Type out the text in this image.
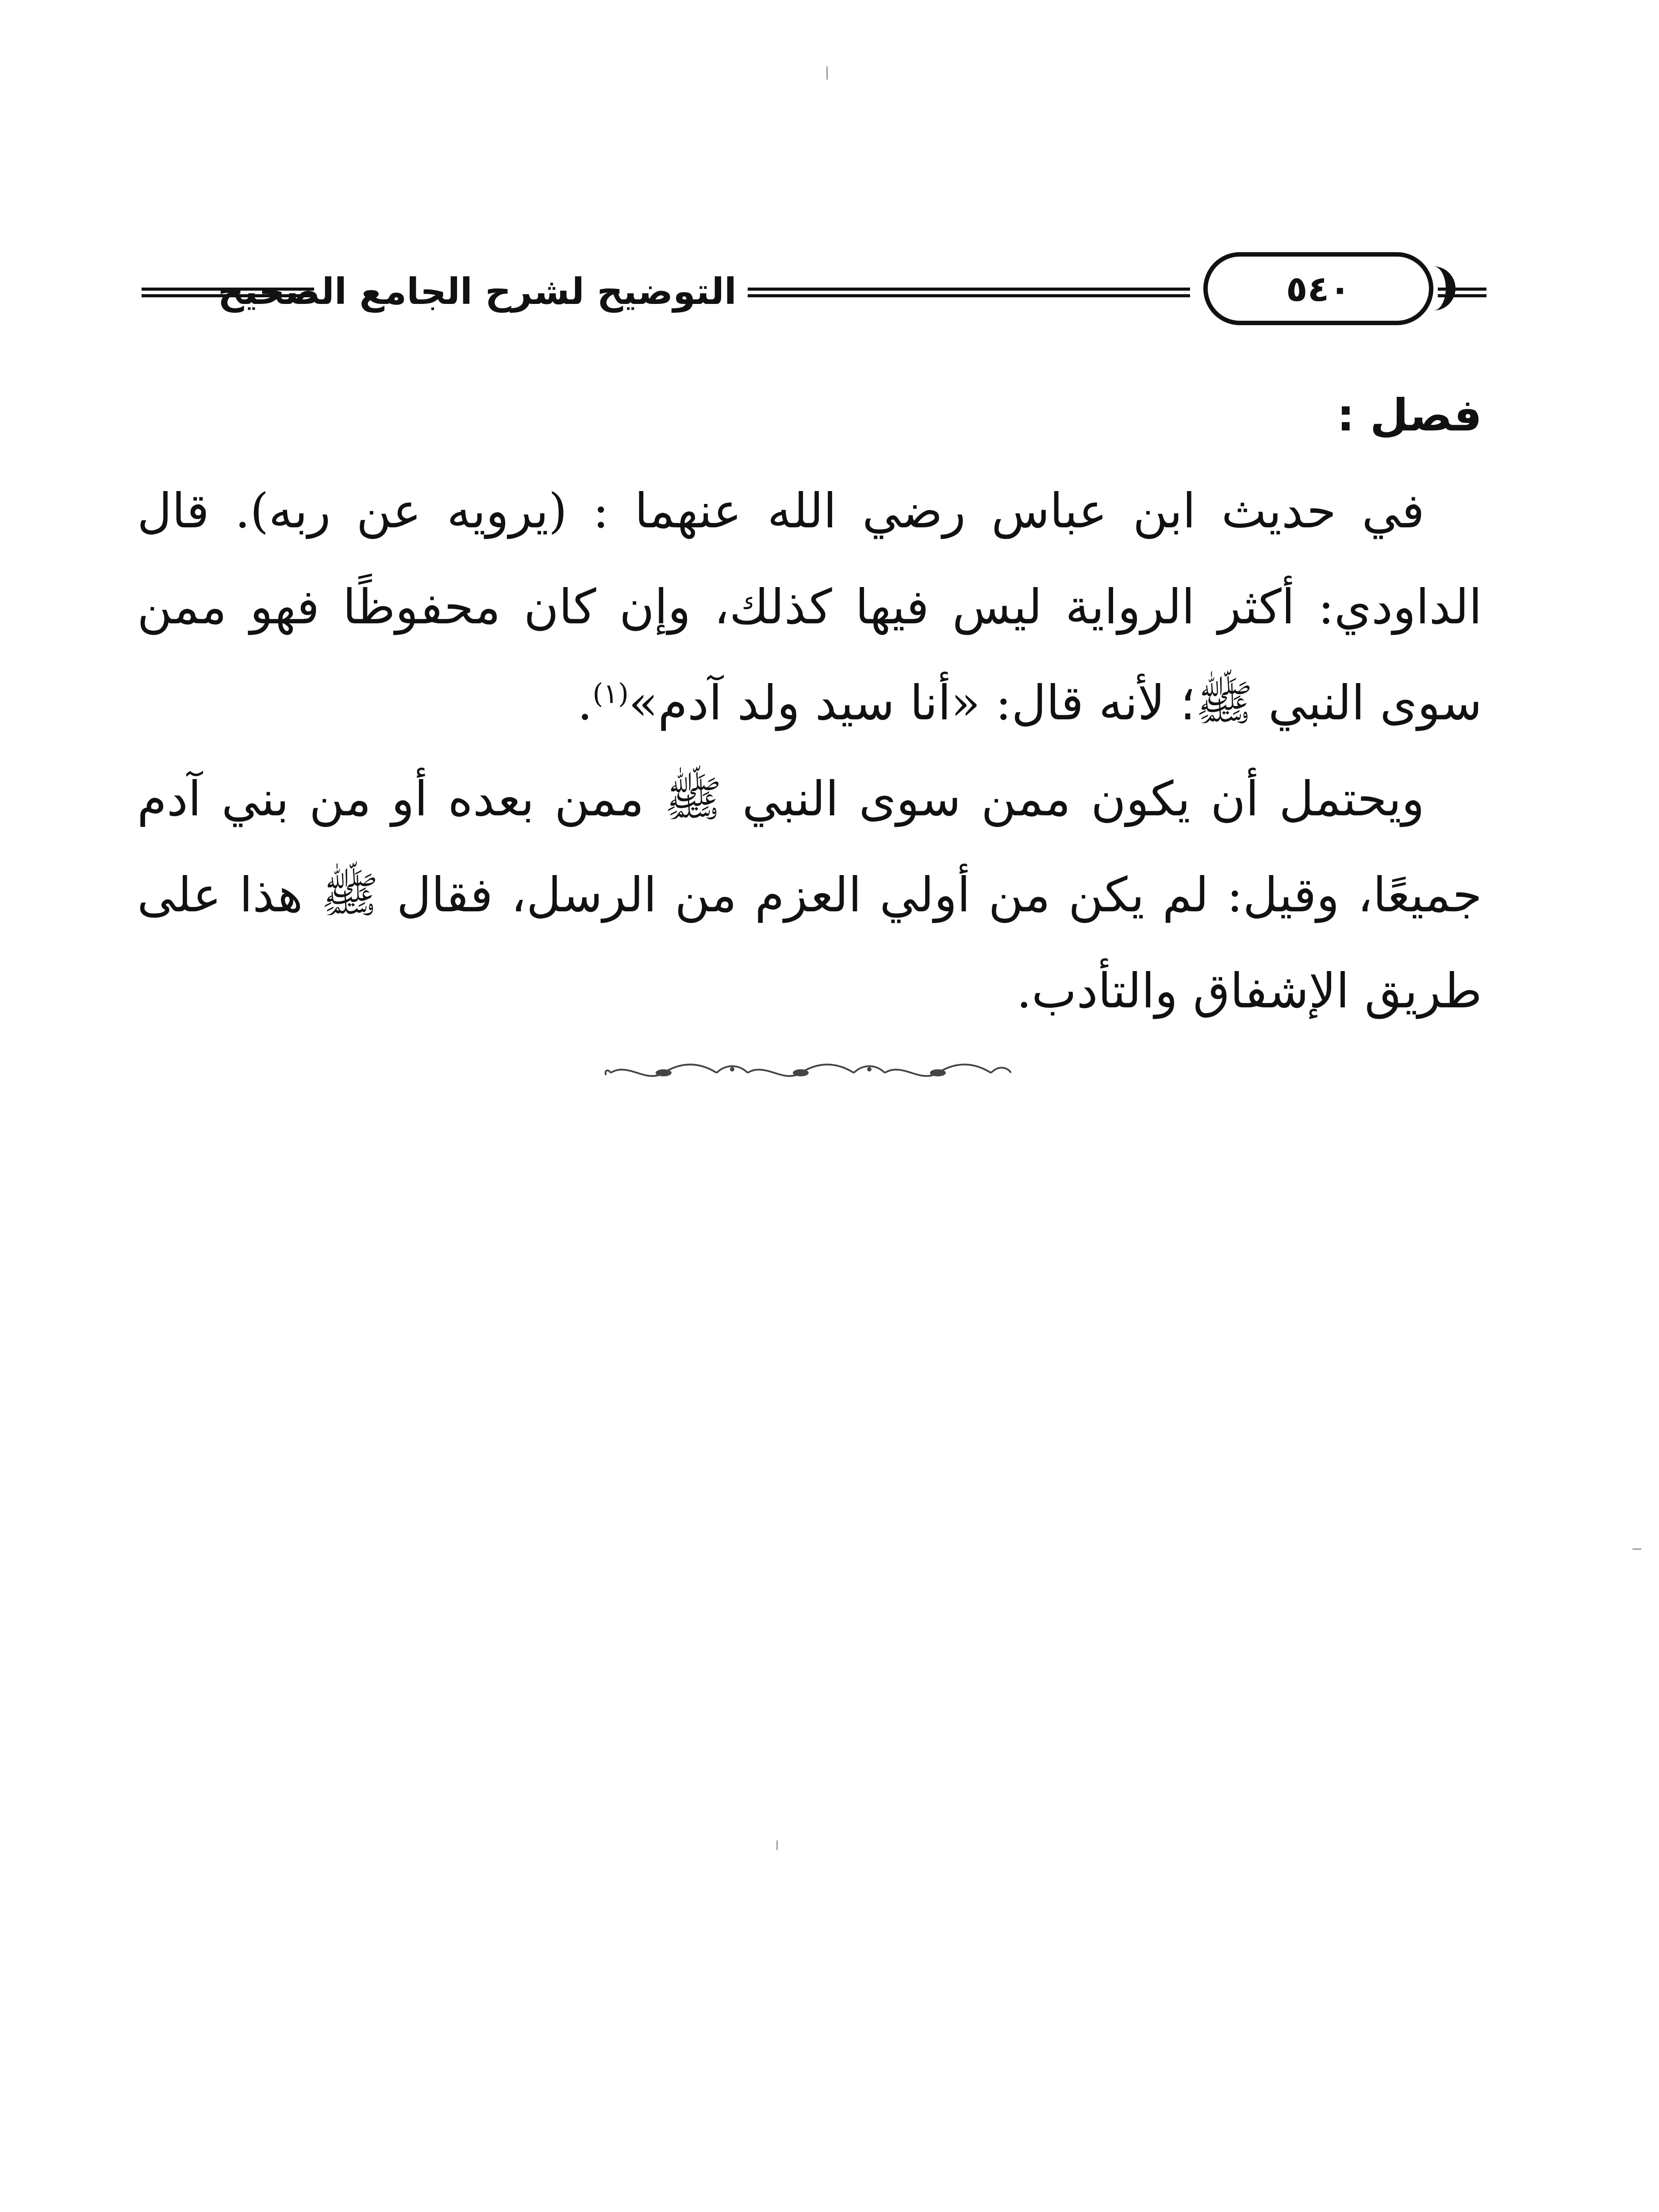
التوضيح لشرح الجامع الصحيح	٥٤٠

فصل :

في حديث ابن عباس رضي الله عنهما : (يرويه عن ربه). قال الداودي: أكثر الرواية ليس فيها كذلك، وإن كان محفوظًا فهو ممن سوى النبي ﷺ؛ لأنه قال: «أنا سيد ولد آدم»$^{(١)}$.

ويحتمل أن يكون ممن سوى النبي ﷺ ممن بعده أو من بني آدم جميعًا، وقيل: لم يكن من أولي العزم من الرسل، فقال ﷺ هذا على طريق الإشفاق والتأدب.
